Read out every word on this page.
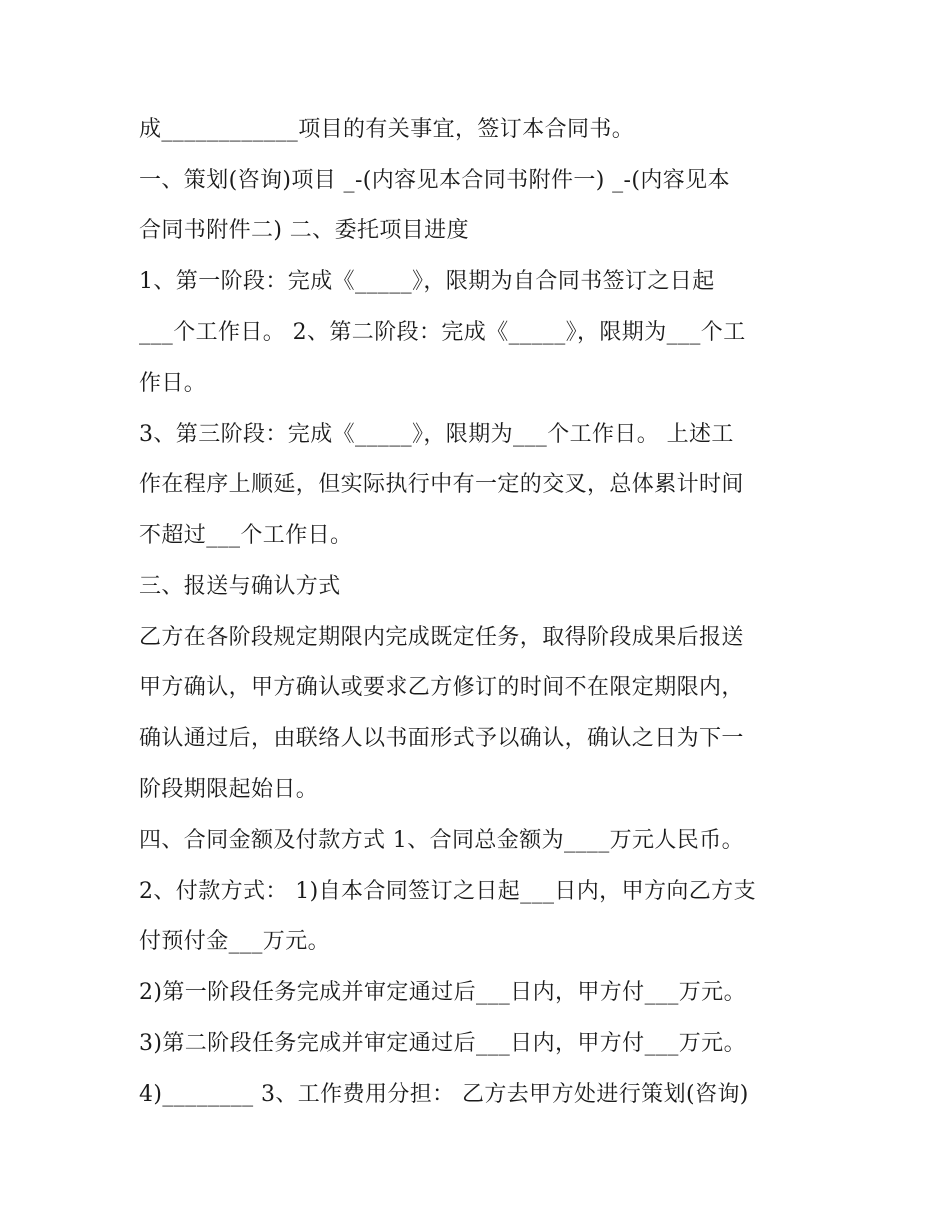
成____________项目的有关事宜，签订本合同书。
一、策划(咨询)项目 _-(内容见本合同书附件一) _-(内容见本
合同书附件二) 二、委托项目进度
1、第一阶段：完成《_____》，限期为自合同书签订之日起
___个工作日。 2、第二阶段：完成《_____》，限期为___个工
作日。
3、第三阶段：完成《_____》，限期为___个工作日。 上述工
作在程序上顺延，但实际执行中有一定的交叉，总体累计时间
不超过___个工作日。
三、报送与确认方式
乙方在各阶段规定期限内完成既定任务，取得阶段成果后报送
甲方确认，甲方确认或要求乙方修订的时间不在限定期限内，
确认通过后，由联络人以书面形式予以确认，确认之日为下一
阶段期限起始日。
四、合同金额及付款方式 1、合同总金额为____万元人民币。
2、付款方式： 1)自本合同签订之日起___日内，甲方向乙方支
付预付金___万元。
2)第一阶段任务完成并审定通过后___日内，甲方付___万元。
3)第二阶段任务完成并审定通过后___日内，甲方付___万元。
4)________ 3、工作费用分担： 乙方去甲方处进行策划(咨询)
